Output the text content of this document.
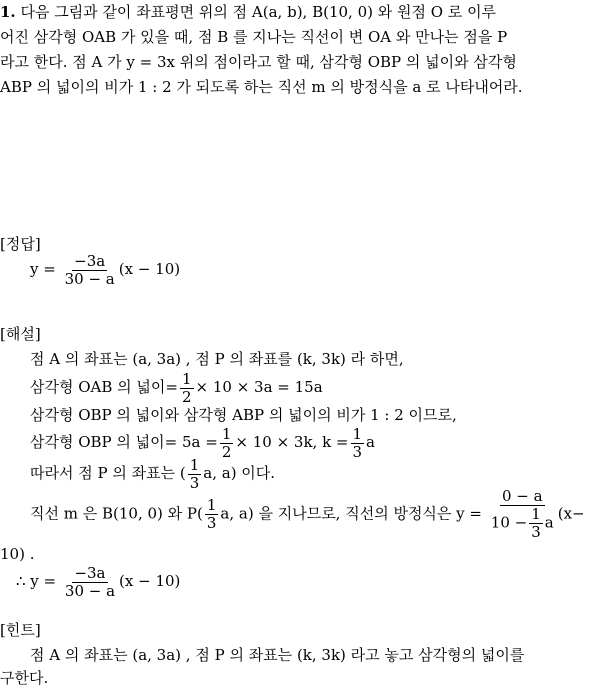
1. 다음 그림과 같이 좌표평면 위의 점 A(a, b), B(10, 0) 와 원점 O 로 이루
어진 삼각형 OAB 가 있을 때, 점 B 를 지나는 직선이 변 OA 와 만나는 점을 P
라고 한다. 점 A 가 y = 3x 위의 점이라고 할 때, 삼각형 OBP 의 넓이와 삼각형
ABP 의 넓이의 비가 1 : 2 가 되도록 하는 직선 m 의 방정식을 a 로 나타내어라.
[정답]
$y = \frac{-3a}{30 - a} (x - 10)$
[해설]
점 A 의 좌표는 (a, 3a) , 점 P 의 좌표를 (k, 3k) 라 하면,
삼각형 OAB 의 넓이= $\frac{1}{2} \times 10 \times 3a = 15a$
삼각형 OBP 의 넓이와 삼각형 ABP 의 넓이의 비가 1 : 2 이므로,
삼각형 OBP 의 넓이= $5a = \frac{1}{2} \times 10 \times 3k$, $k = \frac{1}{3}$ a
따라서 점 P 의 좌표는 ( $\frac{1}{3} a$, a) 이다.
직선 m 은 B(10, 0) 와 $P( \frac{1}{3} a$, a) 을 지나므로, 직선의 방정식은 $y = \frac{0 - a}{10 - \frac{1}{3} a} (x-$
10) .
∴ $y = \frac{-3a}{30 - a} (x - 10)$
[힌트]
점 A 의 좌표는 (a, 3a) , 점 P 의 좌표는 (k, 3k) 라고 놓고 삼각형의 넓이를
구한다.
